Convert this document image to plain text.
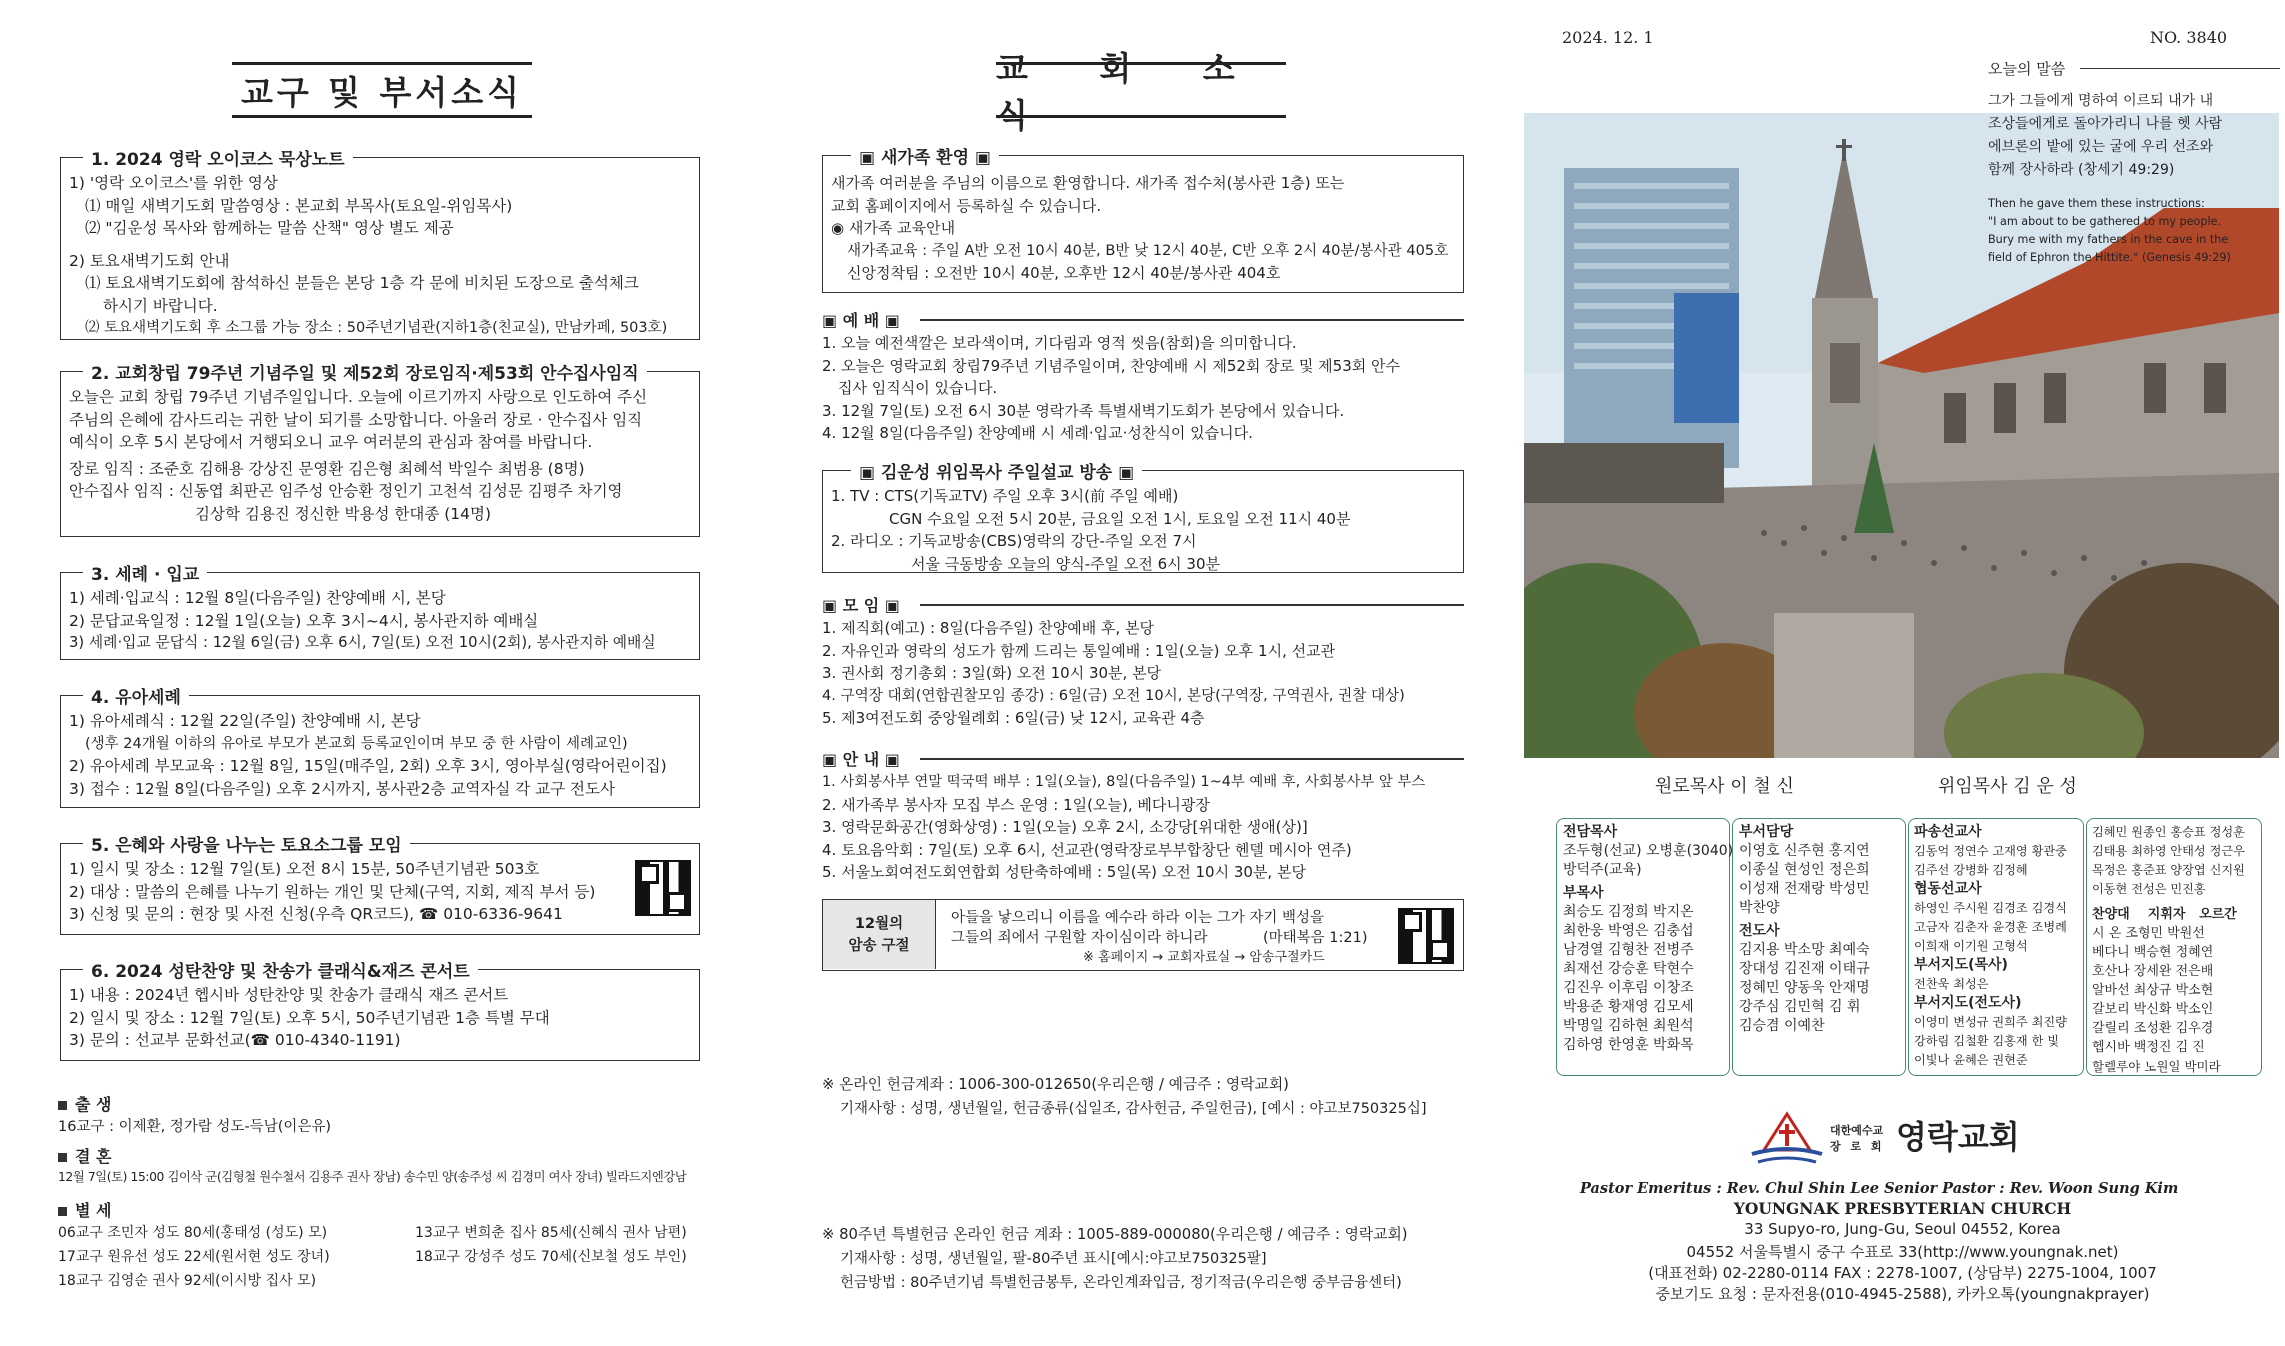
교구 및 부서소식
1. 2024 영락 오이코스 묵상노트
1) '영락 오이코스'를 위한 영상
⑴ 매일 새벽기도회 말씀영상 : 본교회 부목사(토요일-위임목사)
⑵ "김운성 목사와 함께하는 말씀 산책" 영상 별도 제공
2) 토요새벽기도회 안내
⑴ 토요새벽기도회에 참석하신 분들은 본당 1층 각 문에 비치된 도장으로 출석체크
하시기 바랍니다.
⑵ 토요새벽기도회 후 소그룹 가능 장소 : 50주년기념관(지하1층(친교실), 만남카페, 503호)
2. 교회창립 79주년 기념주일 및 제52회 장로임직·제53회 안수집사임직
오늘은 교회 창립 79주년 기념주일입니다. 오늘에 이르기까지 사랑으로 인도하여 주신
주님의 은혜에 감사드리는 귀한 날이 되기를 소망합니다. 아울러 장로 · 안수집사 임직
예식이 오후 5시 본당에서 거행되오니 교우 여러분의 관심과 참여를 바랍니다.
장로 임직 : 조준호 김해용 강상진 문영환 김은형 최혜석 박일수 최범용 (8명)
안수집사 임직 : 신동엽 최판곤 임주성 안승환 정인기 고천석 김성문 김평주 차기영
김상학 김용진 정신한 박용성 한대종 (14명)
3. 세례 · 입교
1) 세례·입교식 : 12월 8일(다음주일) 찬양예배 시, 본당
2) 문답교육일정 : 12월 1일(오늘) 오후 3시~4시, 봉사관지하 예배실
3) 세례·입교 문답식 : 12월 6일(금) 오후 6시, 7일(토) 오전 10시(2회), 봉사관지하 예배실
4. 유아세례
1) 유아세례식 : 12월 22일(주일) 찬양예배 시, 본당
(생후 24개월 이하의 유아로 부모가 본교회 등록교인이며 부모 중 한 사람이 세례교인)
2) 유아세례 부모교육 : 12월 8일, 15일(매주일, 2회) 오후 3시, 영아부실(영락어린이집)
3) 접수 : 12월 8일(다음주일) 오후 2시까지, 봉사관2층 교역자실 각 교구 전도사
5. 은혜와 사랑을 나누는 토요소그룹 모임
1) 일시 및 장소 : 12월 7일(토) 오전 8시 15분, 50주년기념관 503호
2) 대상 : 말씀의 은혜를 나누기 원하는 개인 및 단체(구역, 지회, 제직 부서 등)
3) 신청 및 문의 : 현장 및 사전 신청(우측 QR코드), ☎ 010-6336-9641
6. 2024 성탄찬양 및 찬송가 클래식&재즈 콘서트
1) 내용 : 2024년 헵시바 성탄찬양 및 찬송가 클래식 재즈 콘서트
2) 일시 및 장소 : 12월 7일(토) 오후 5시, 50주년기념관 1층 특별 무대
3) 문의 : 선교부 문화선교(☎ 010-4340-1191)
출 생
16교구 : 이제환, 정가람 성도-득남(이은유)
결 혼
12월 7일(토) 15:00 김이삭 군(김형철 원수철서 김용주 권사 장남) 송수민 양(송주성 씨 김경미 여사 장녀) 빌라드지엔강남
별 세
06교구 조민자 성도 80세(홍태성 (성도) 모)	13교구 변희춘 집사 85세(신혜식 권사 남편)
17교구 원유선 성도 22세(원서현 성도 장녀)	18교구 강성주 성도 70세(신보철 성도 부인)
18교구 김영순 권사 92세(이시방 집사 모)
교 회 소 식
▣ 새가족 환영 ▣
새가족 여러분을 주님의 이름으로 환영합니다. 새가족 접수처(봉사관 1층) 또는
교회 홈페이지에서 등록하실 수 있습니다.
◉ 새가족 교육안내
새가족교육 : 주일 A반 오전 10시 40분, B반 낮 12시 40분, C반 오후 2시 40분/봉사관 405호
신앙정착팀 : 오전반 10시 40분, 오후반 12시 40분/봉사관 404호
▣ 예 배 ▣
1. 오늘 예전색깔은 보라색이며, 기다림과 영적 씻음(참회)을 의미합니다.
2. 오늘은 영락교회 창립79주년 기념주일이며, 찬양예배 시 제52회 장로 및 제53회 안수
집사 임직식이 있습니다.
3. 12월 7일(토) 오전 6시 30분 영락가족 특별새벽기도회가 본당에서 있습니다.
4. 12월 8일(다음주일) 찬양예배 시 세례·입교·성찬식이 있습니다.
▣ 김운성 위임목사 주일설교 방송 ▣
1. TV : CTS(기독교TV) 주일 오후 3시(前 주일 예배)
CGN 수요일 오전 5시 20분, 금요일 오전 1시, 토요일 오전 11시 40분
2. 라디오 : 기독교방송(CBS)영락의 강단-주일 오전 7시
서울 극동방송 오늘의 양식-주일 오전 6시 30분
▣ 모 임 ▣
1. 제직회(예고) : 8일(다음주일) 찬양예배 후, 본당
2. 자유인과 영락의 성도가 함께 드리는 통일예배 : 1일(오늘) 오후 1시, 선교관
3. 권사회 정기총회 : 3일(화) 오전 10시 30분, 본당
4. 구역장 대회(연합권찰모임 종강) : 6일(금) 오전 10시, 본당(구역장, 구역권사, 권찰 대상)
5. 제3여전도회 중앙월례회 : 6일(금) 낮 12시, 교육관 4층
▣ 안 내 ▣
1. 사회봉사부 연말 떡국떡 배부 : 1일(오늘), 8일(다음주일) 1~4부 예배 후, 사회봉사부 앞 부스
2. 새가족부 봉사자 모집 부스 운영 : 1일(오늘), 베다니광장
3. 영락문화공간(영화상영) : 1일(오늘) 오후 2시, 소강당[위대한 생애(상)]
4. 토요음악회 : 7일(토) 오후 6시, 선교관(영락장로부부합창단 헨델 메시아 연주)
5. 서울노회여전도회연합회 성탄축하예배 : 5일(목) 오전 10시 30분, 본당
12월의
암송 구절
아들을 낳으리니 이름을 예수라 하라 이는 그가 자기 백성을
그들의 죄에서 구원할 자이심이라 하니라	(마태복음 1:21)
※ 홈페이지 → 교회자료실 → 암송구절카드
※ 온라인 헌금계좌 : 1006-300-012650(우리은행 / 예금주 : 영락교회)
기재사항 : 성명, 생년월일, 헌금종류(십일조, 감사헌금, 주일헌금), [예시 : 야고보750325십]
※ 80주년 특별헌금 온라인 헌금 계좌 : 1005-889-000080(우리은행 / 예금주 : 영락교회)
기재사항 : 성명, 생년월일, 팔-80주년 표시[예시:야고보750325팔]
헌금방법 : 80주년기념 특별헌금봉투, 온라인계좌입금, 정기적금(우리은행 중부금융센터)
2024. 12. 1	NO. 3840
오늘의 말씀
그가 그들에게 명하여 이르되 내가 내
조상들에게로 돌아가리니 나를 헷 사람
에브론의 밭에 있는 굴에 우리 선조와
함께 장사하라 (창세기 49:29)
Then he gave them these instructions:
"I am about to be gathered to my people.
Bury me with my fathers in the cave in the
field of Ephron the Hittite." (Genesis 49:29)
원로목사 이 철 신	위임목사 김 운 성
전담목사
조두형(선교) 오병훈(3040)
방덕주(교육)
부목사
최승도 김정희 박지온
최한웅 박영은 김충섭
남경열 김형찬 전병주
최재선 강승훈 탁현수
김진우 이후림 이창조
박용준 황재영 김모세
박명일 김하현 최원석
김하영 한영훈 박화목
부서담당
이영호 신주현 홍지연
이종실 현성인 정은희
이성재 전재랑 박성민
박찬양
전도사
김지용 박소망 최예숙
장대성 김진재 이태규
정혜민 양동욱 안재명
강주심 김민혁 김 휘
김승겸 이예찬
파송선교사
김동억 정연수 고재영 황관중
김주선 강병화 김정혜
협동선교사
하영인 주시원 김경조 김경식
고금자 김춘자 윤경훈 조병례
이희재 이기원 고형석
부서지도(목사)
전찬욱 최성은
부서지도(전도사)
이영미 변성규 권희주 최진량
강하림 김철환 김홍재 한 빛
이빛나 윤혜은 권현준
김혜민 원종인 홍승표 정성훈
김태용 최하영 안태성 정근우
목정은 홍준표 양장엽 신지원
이동현 전성은 민진홍
찬양대 지휘자 오르간
시 온 조형민 박원선
베다니 백승현 정혜연
호산나 장세완 전은배
알바선 최상규 박소현
갈보리 박신화 박소인
갈릴리 조성환 김우경
헵시바 백정진 김 진
할렐루야 노원일 박미라
대한예수교
장 로 회 영락교회
Pastor Emeritus : Rev. Chul Shin Lee Senior Pastor : Rev. Woon Sung Kim
YOUNGNAK PRESBYTERIAN CHURCH
33 Supyo-ro, Jung-Gu, Seoul 04552, Korea
04552 서울특별시 중구 수표로 33(http://www.youngnak.net)
(대표전화) 02-2280-0114 FAX : 2278-1007, (상담부) 2275-1004, 1007
중보기도 요청 : 문자전용(010-4945-2588), 카카오톡(youngnakprayer)
